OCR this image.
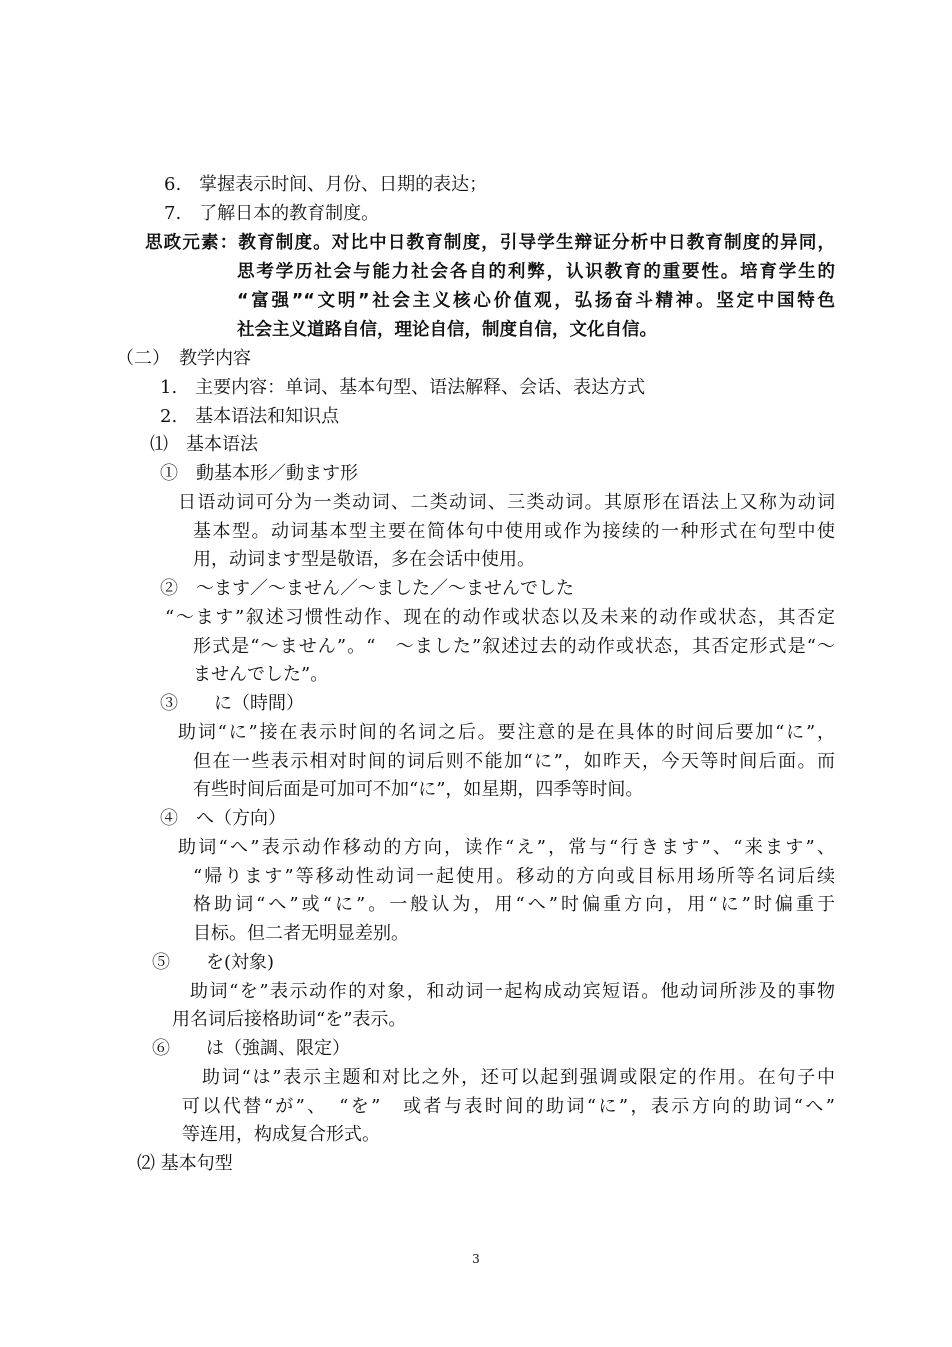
6.　掌握表示时间、月份、日期的表达；
7.　了解日本的教育制度。
思政元素：教育制度。对比中日教育制度，引导学生辩证分析中日教育制度的异同，
思考学历社会与能力社会各自的利弊，认识教育的重要性。培育学生的
“富强”“文明”社会主义核心价值观，弘扬奋斗精神。坚定中国特色
社会主义道路自信，理论自信，制度自信，文化自信。
（二）　教学内容
1.　主要内容：单词、基本句型、语法解释、会话、表达方式
2.　基本语法和知识点
⑴　基本语法
①　動基本形／動ます形
日语动词可分为一类动词、二类动词、三类动词。其原形在语法上又称为动词
基本型。动词基本型主要在简体句中使用或作为接续的一种形式在句型中使
用，动词ます型是敬语，多在会话中使用。
②　～ます／～ません／～ました／～ませんでした
“～ます”叙述习惯性动作、现在的动作或状态以及未来的动作或状态，其否定
形式是“～ません”。“　～ました”叙述过去的动作或状态，其否定形式是“～
ませんでした”。
③　　に（時間）
助词“に”接在表示时间的名词之后。要注意的是在具体的时间后要加“に”，
但在一些表示相对时间的词后则不能加“に”，如昨天，今天等时间后面。而
有些时间后面是可加可不加“に”，如星期，四季等时间。
④　へ（方向）
助词“へ”表示动作移动的方向，读作“え”，常与“行きます”、“来ます”、
“帰ります”等移动性动词一起使用。移动的方向或目标用场所等名词后续
格助词“へ”或“に”。一般认为，用“へ”时偏重方向，用“に”时偏重于
目标。但二者无明显差别。
⑤　　を(対象)
助词“を”表示动作的对象，和动词一起构成动宾短语。他动词所涉及的事物
用名词后接格助词“を”表示。
⑥　　は（強調、限定）
助词“は”表示主题和对比之外，还可以起到强调或限定的作用。在句子中
可以代替“が”、　“を”　或者与表时间的助词“に”，表示方向的助词“へ”
等连用，构成复合形式。
⑵ 基本句型
3
